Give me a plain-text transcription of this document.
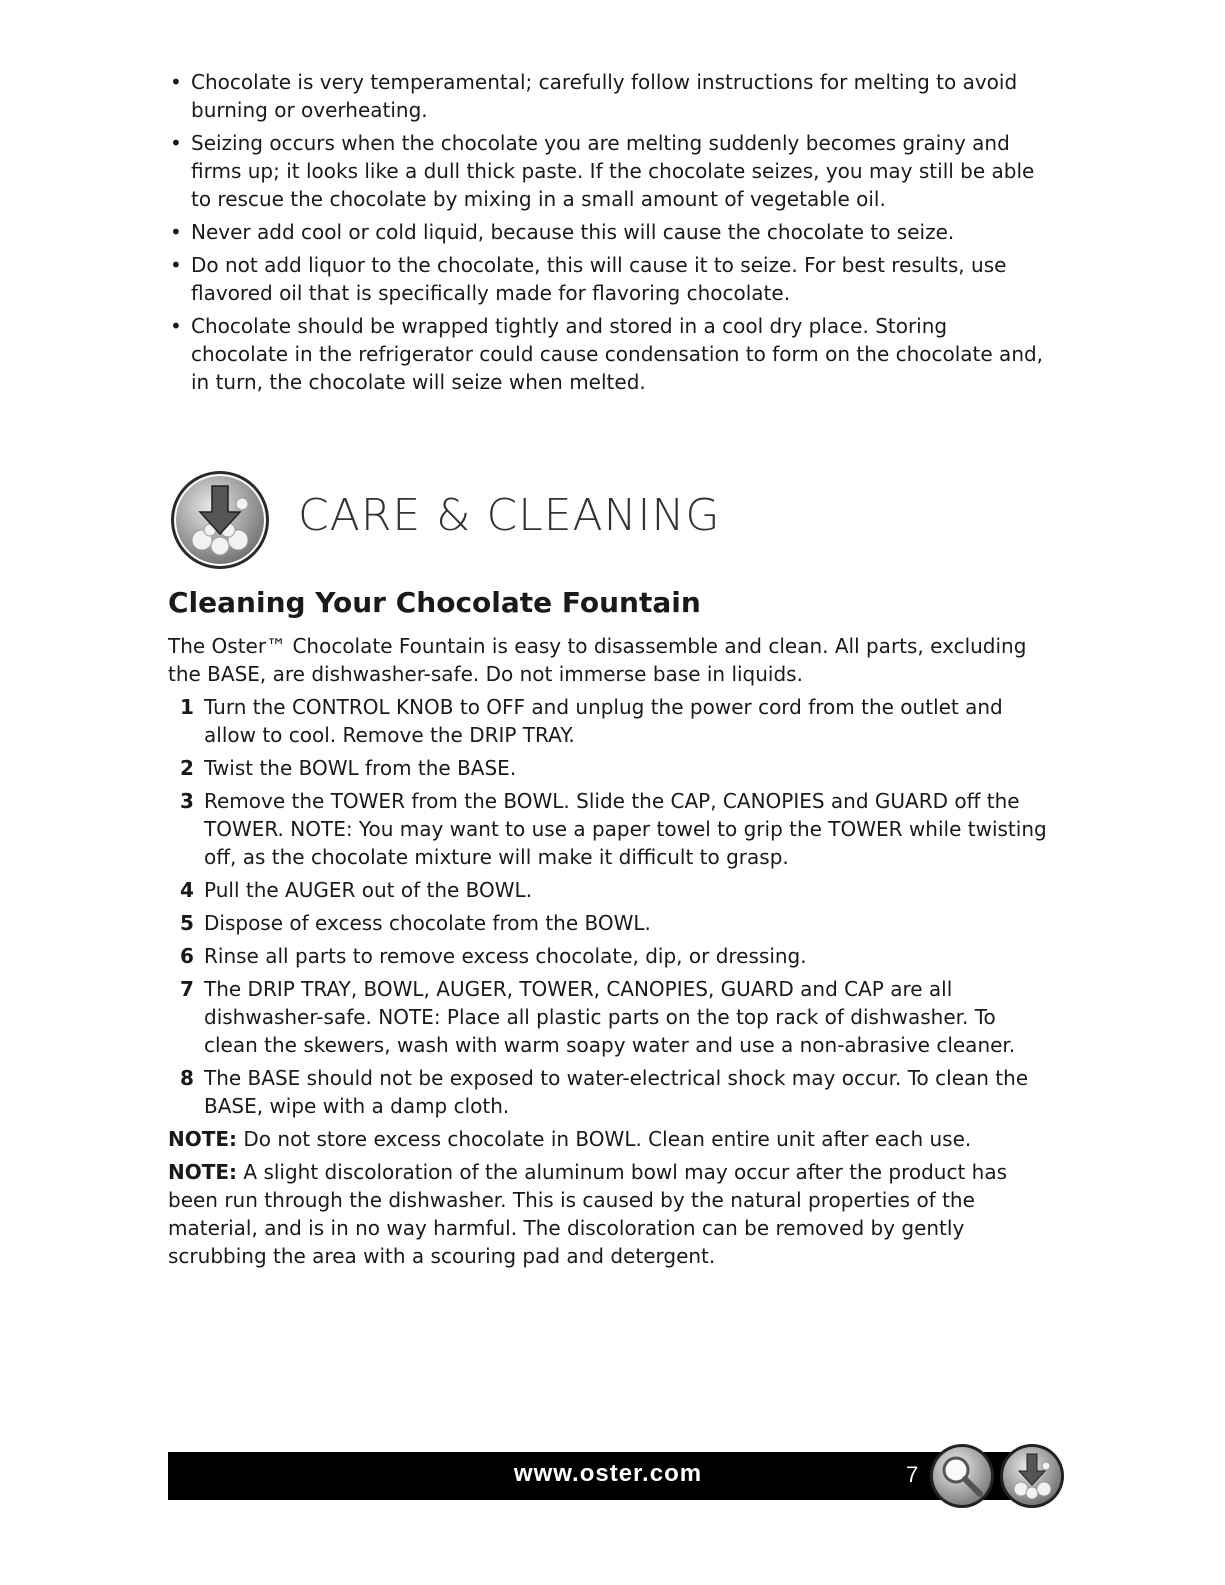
• Chocolate is very temperamental; carefully follow instructions for melting to avoid burning or overheating.
• Seizing occurs when the chocolate you are melting suddenly becomes grainy and firms up; it looks like a dull thick paste. If the chocolate seizes, you may still be able to rescue the chocolate by mixing in a small amount of vegetable oil.
• Never add cool or cold liquid, because this will cause the chocolate to seize.
• Do not add liquor to the chocolate, this will cause it to seize. For best results, use flavored oil that is specifically made for flavoring chocolate.
• Chocolate should be wrapped tightly and stored in a cool dry place. Storing chocolate in the refrigerator could cause condensation to form on the chocolate and, in turn, the chocolate will seize when melted.
CARE & CLEANING
Cleaning Your Chocolate Fountain

The Oster™ Chocolate Fountain is easy to disassemble and clean. All parts, excluding the BASE, are dishwasher-safe. Do not immerse base in liquids.

1 Turn the CONTROL KNOB to OFF and unplug the power cord from the outlet and allow to cool. Remove the DRIP TRAY.
2 Twist the BOWL from the BASE.
3 Remove the TOWER from the BOWL. Slide the CAP, CANOPIES and GUARD off the TOWER. NOTE: You may want to use a paper towel to grip the TOWER while twisting off, as the chocolate mixture will make it difficult to grasp.
4 Pull the AUGER out of the BOWL.
5 Dispose of excess chocolate from the BOWL.
6 Rinse all parts to remove excess chocolate, dip, or dressing.
7 The DRIP TRAY, BOWL, AUGER, TOWER, CANOPIES, GUARD and CAP are all dishwasher-safe. NOTE: Place all plastic parts on the top rack of dishwasher. To clean the skewers, wash with warm soapy water and use a non-abrasive cleaner.
8 The BASE should not be exposed to water-electrical shock may occur. To clean the BASE, wipe with a damp cloth.

NOTE: Do not store excess chocolate in BOWL. Clean entire unit after each use.

NOTE: A slight discoloration of the aluminum bowl may occur after the product has been run through the dishwasher. This is caused by the natural properties of the material, and is in no way harmful. The discoloration can be removed by gently scrubbing the area with a scouring pad and detergent.

www.oster.com	7
